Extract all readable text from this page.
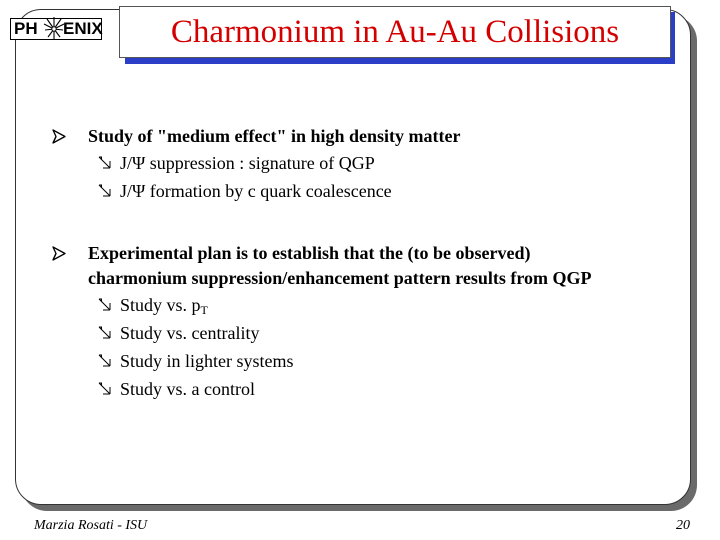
PH ENIX Charmonium in Au-Au Collisions
Study of "medium effect" in high density matter
J/Ψ suppression : signature of QGP
J/Ψ formation by c quark coalescence
Experimental plan is to establish that the (to be observed)
charmonium suppression/enhancement pattern results from QGP
Study vs. $p_T$
Study vs. centrality
Study in lighter systems
Study vs. a control
Marzia Rosati - ISU	20
